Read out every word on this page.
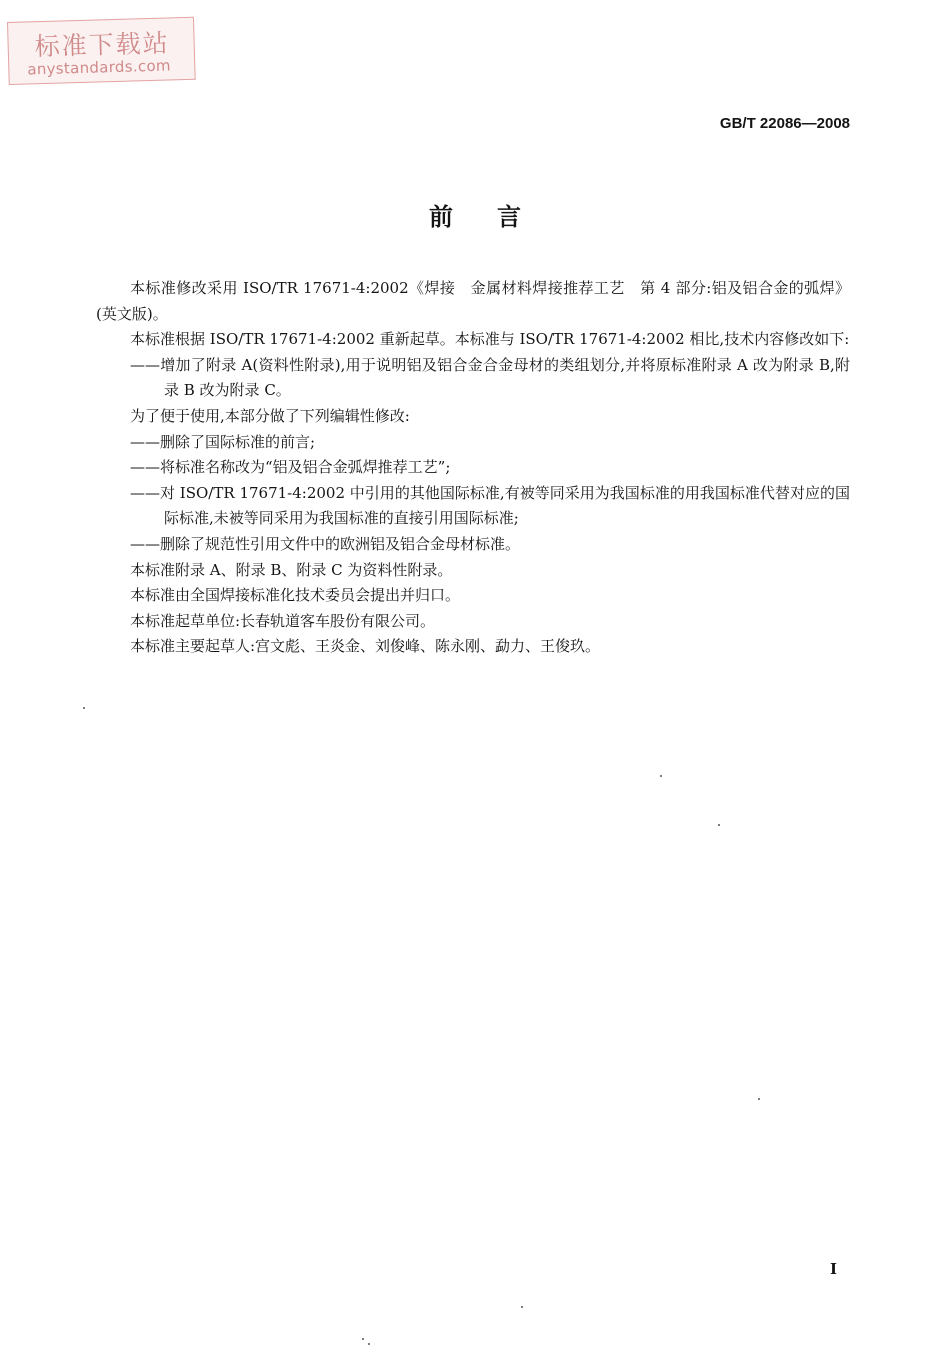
标准下载站
anystandards.com
GB/T 22086—2008
前言

本标准修改采用 ISO/TR 17671-4:2002《焊接　金属材料焊接推荐工艺　第 4 部分:铝及铝合金的弧焊》(英文版)。

本标准根据 ISO/TR 17671-4:2002 重新起草。本标准与 ISO/TR 17671-4:2002 相比,技术内容修改如下:

——增加了附录 A(资料性附录),用于说明铝及铝合金合金母材的类组划分,并将原标准附录 A 改为附录 B,附录 B 改为附录 C。

为了便于使用,本部分做了下列编辑性修改:

——删除了国际标准的前言;

——将标准名称改为“铝及铝合金弧焊推荐工艺”;

——对 ISO/TR 17671-4:2002 中引用的其他国际标准,有被等同采用为我国标准的用我国标准代替对应的国际标准,未被等同采用为我国标准的直接引用国际标准;

——删除了规范性引用文件中的欧洲铝及铝合金母材标准。

本标准附录 A、附录 B、附录 C 为资料性附录。

本标准由全国焊接标准化技术委员会提出并归口。

本标准起草单位:长春轨道客车股份有限公司。

本标准主要起草人:宫文彪、王炎金、刘俊峰、陈永刚、勐力、王俊玖。

I
